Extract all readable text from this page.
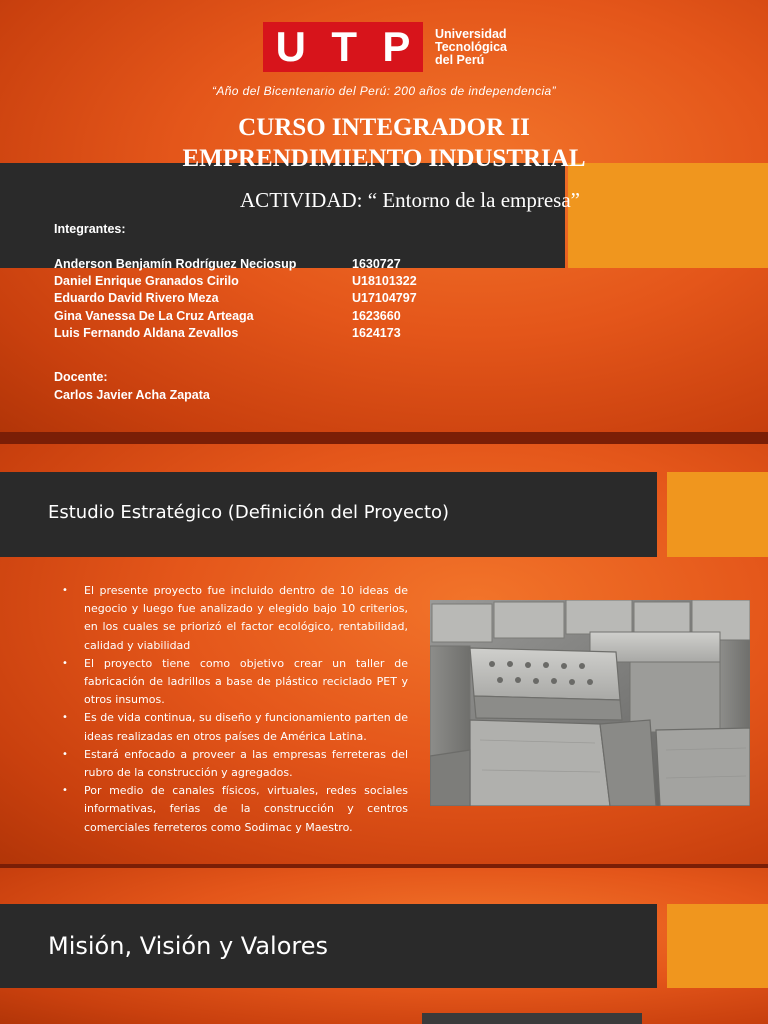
U T P Universidad
Tecnológica
del Perú
“Año del Bicentenario del Perú: 200 años de independencia”
CURSO INTEGRADOR II
EMPRENDIMIENTO INDUSTRIAL
ACTIVIDAD: “ Entorno de la empresa”
Integrantes:
Anderson Benjamín Rodríguez Neciosup	1630727
Daniel Enrique Granados Cirilo	U18101322
Eduardo David Rivero Meza	U17104797
Gina Vanessa De La Cruz Arteaga	1623660
Luis Fernando Aldana Zevallos	1624173
Docente:
Carlos Javier Acha Zapata
Estudio Estratégico (Definición del Proyecto)
• El presente proyecto fue incluido dentro de 10 ideas de negocio y luego fue analizado y elegido bajo 10 criterios, en los cuales se priorizó el factor ecológico, rentabilidad, calidad y viabilidad
• El proyecto tiene como objetivo crear un taller de fabricación de ladrillos a base de plástico reciclado PET y otros insumos.
• Es de vida continua, su diseño y funcionamiento parten de ideas realizadas en otros países de América Latina.
• Estará enfocado a proveer a las empresas ferreteras del rubro de la construcción y agregados.
• Por medio de canales físicos, virtuales, redes sociales informativas, ferias de la construcción y centros comerciales ferreteros como Sodimac y Maestro.
Misión, Visión y Valores
